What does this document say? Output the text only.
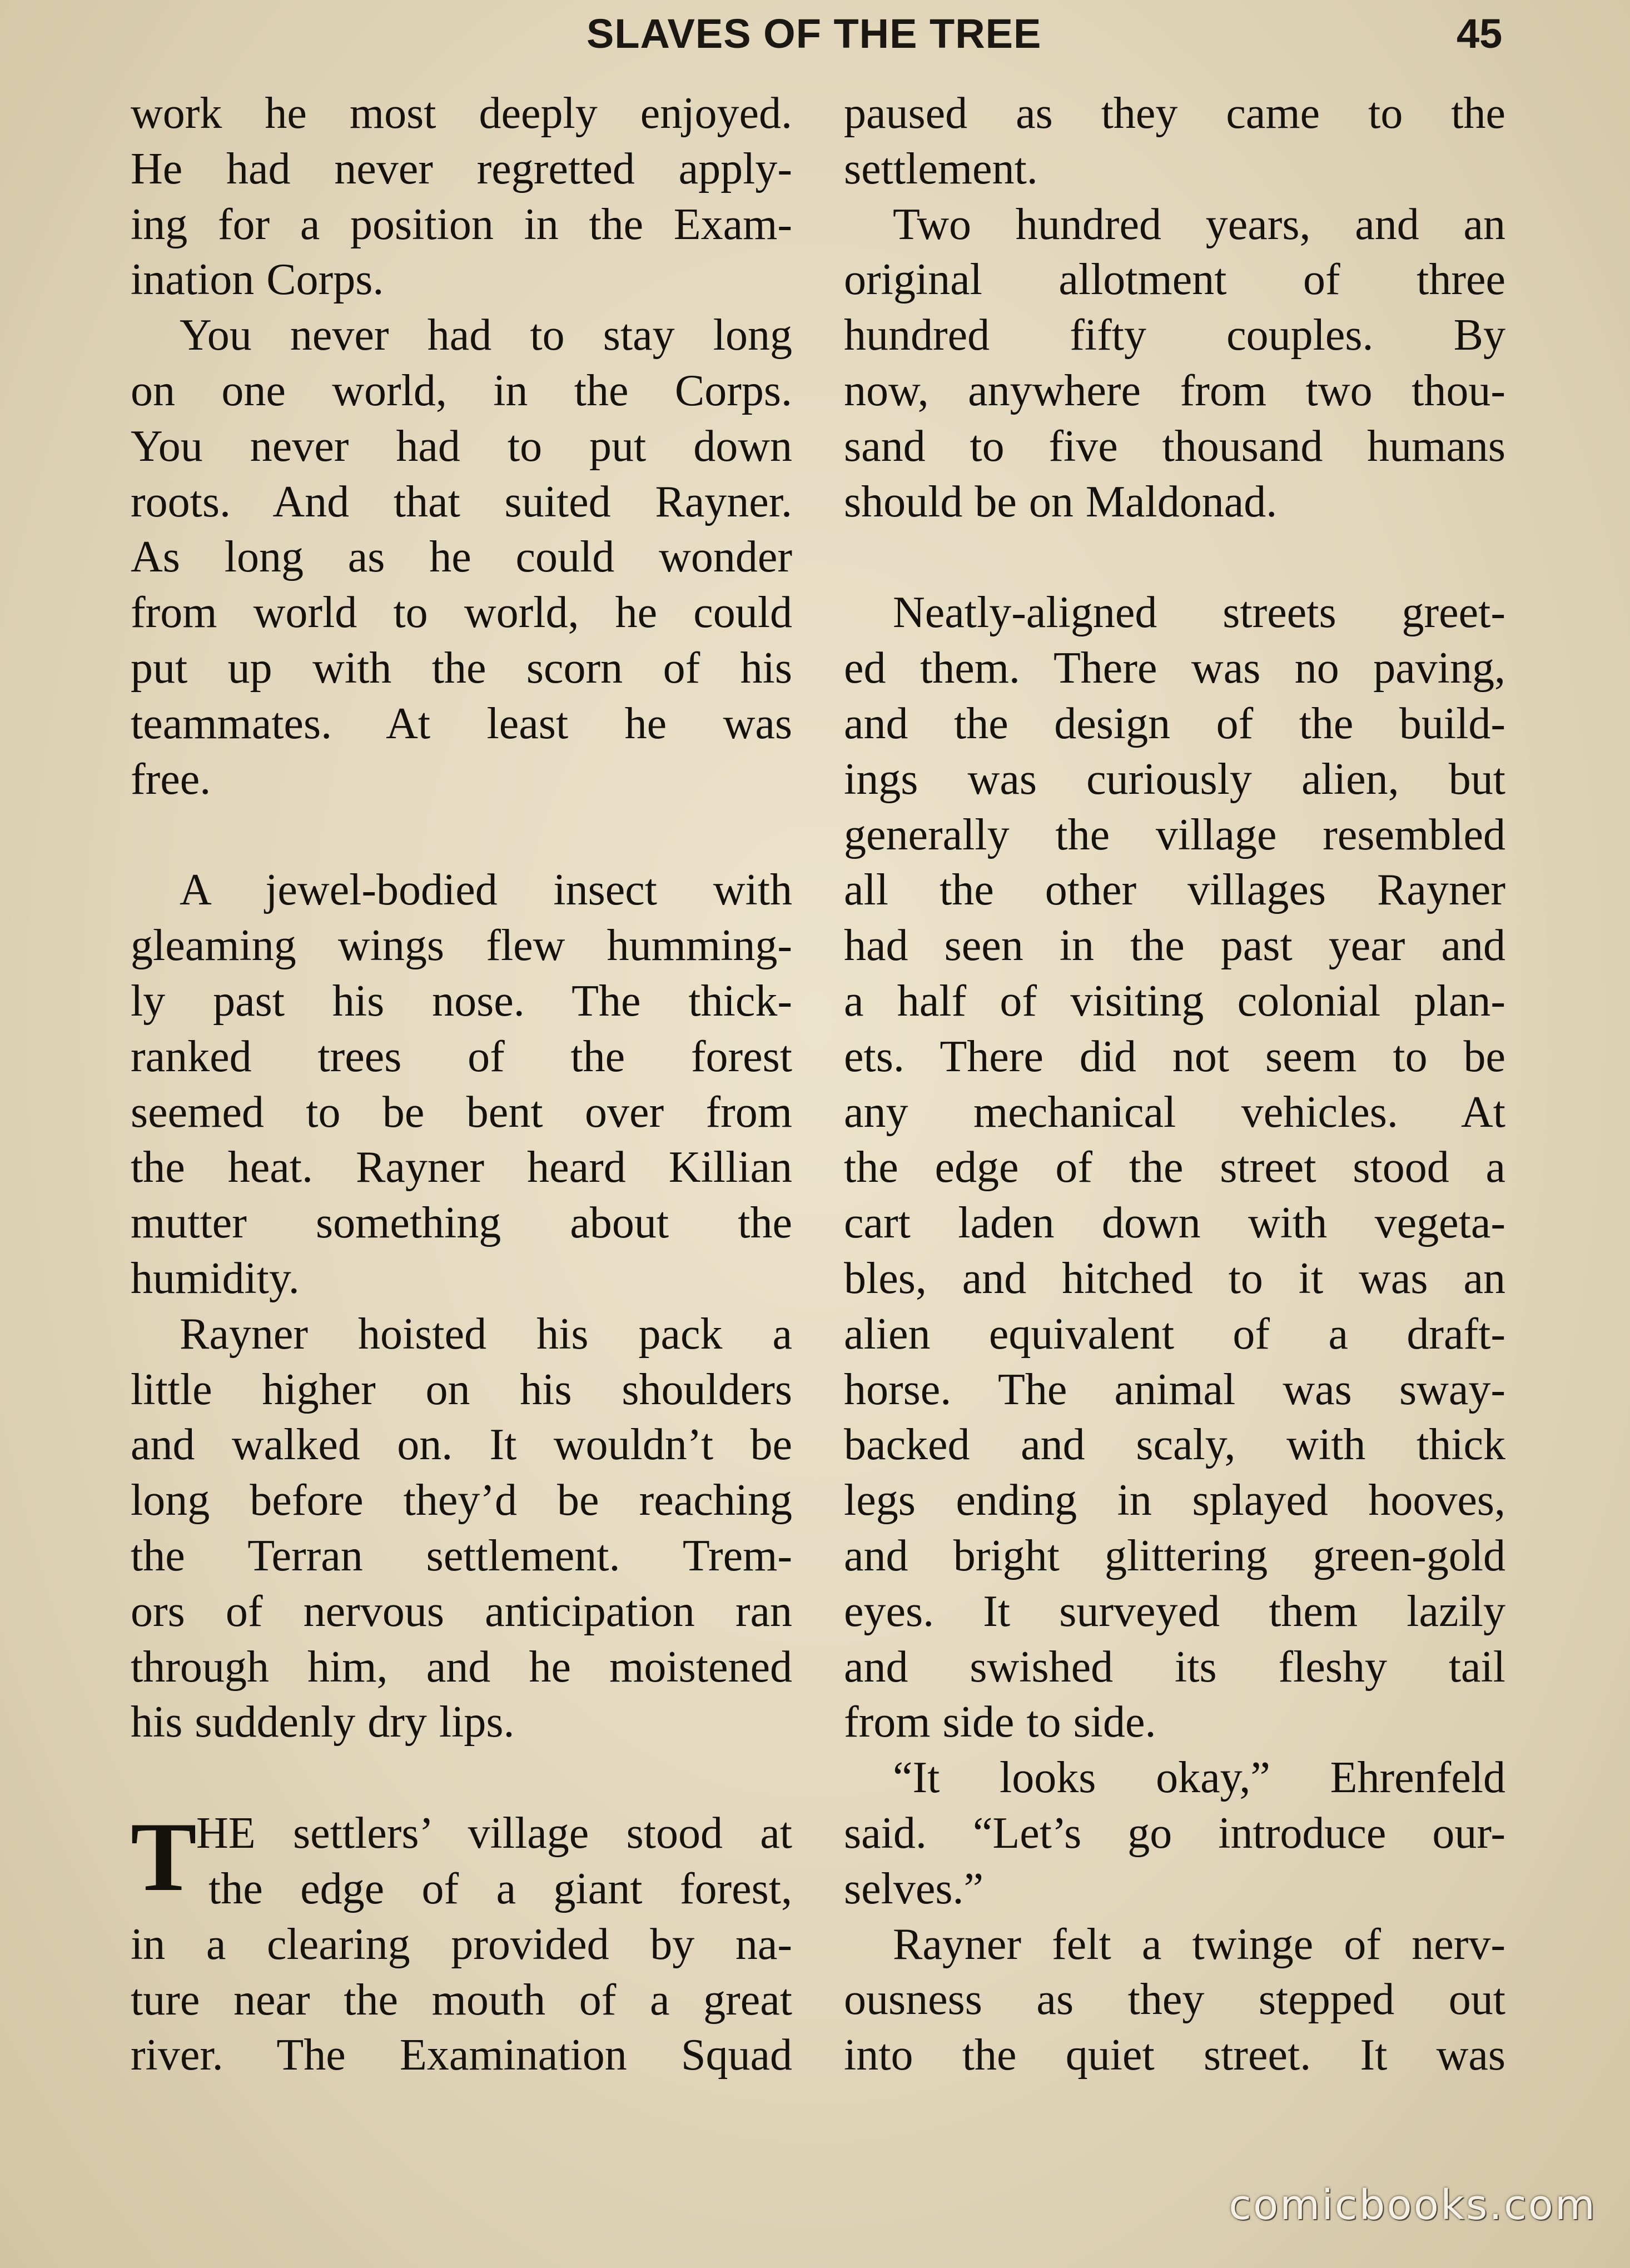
SLAVES OF THE TREE	45
work he most deeply enjoyed.
He had never regretted apply-
ing for a position in the Exam-
ination Corps.
You never had to stay long
on one world, in the Corps.
You never had to put down
roots. And that suited Rayner.
As long as he could wonder
from world to world, he could
put up with the scorn of his
teammates. At least he was
free.
A jewel-bodied insect with
gleaming wings flew humming-
ly past his nose. The thick-
ranked trees of the forest
seemed to be bent over from
the heat. Rayner heard Killian
mutter something about the
humidity.
Rayner hoisted his pack a
little higher on his shoulders
and walked on. It wouldn’t be
long before they’d be reaching
the Terran settlement. Trem-
ors of nervous anticipation ran
through him, and he moistened
his suddenly dry lips.
T HE settlers’ village stood at
the edge of a giant forest,
in a clearing provided by na-
ture near the mouth of a great
river. The Examination Squad
paused as they came to the
settlement.
Two hundred years, and an
original allotment of three
hundred fifty couples. By
now, anywhere from two thou-
sand to five thousand humans
should be on Maldonad.
Neatly-aligned streets greet-
ed them. There was no paving,
and the design of the build-
ings was curiously alien, but
generally the village resembled
all the other villages Rayner
had seen in the past year and
a half of visiting colonial plan-
ets. There did not seem to be
any mechanical vehicles. At
the edge of the street stood a
cart laden down with vegeta-
bles, and hitched to it was an
alien equivalent of a draft-
horse. The animal was sway-
backed and scaly, with thick
legs ending in splayed hooves,
and bright glittering green-gold
eyes. It surveyed them lazily
and swished its fleshy tail
from side to side.
“It looks okay,” Ehrenfeld
said. “Let’s go introduce our-
selves.”
Rayner felt a twinge of nerv-
ousness as they stepped out
into the quiet street. It was
comicbooks.com
